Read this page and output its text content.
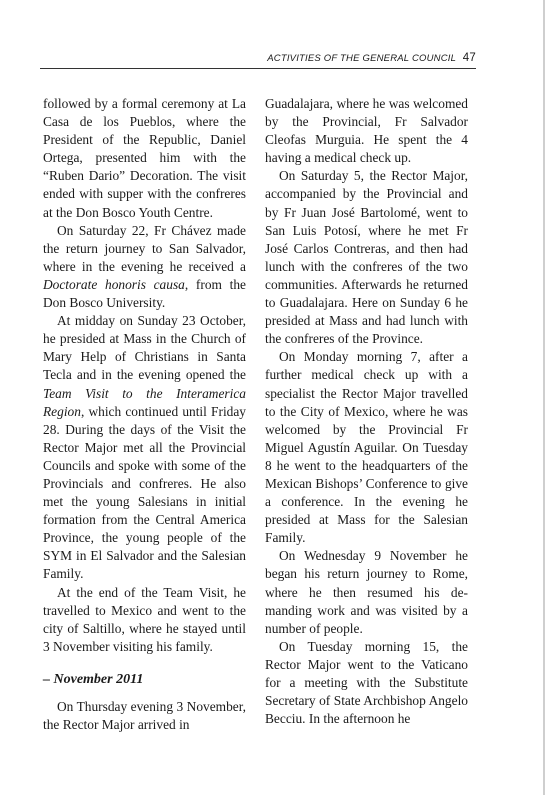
ACTIVITIES OF THE GENERAL COUNCIL 47

followed by a formal ceremony at La Casa de los Pueblos, where the President of the Republic, Daniel Ortega, presented him with the “Ruben Dario” Decoration. The visit ended with supper with the confreres at the Don Bosco Youth Centre.

On Saturday 22, Fr Chávez made the return journey to San Salvador, where in the evening he received a Doctorate honoris causa, from the Don Bosco University.

At midday on Sunday 23 October, he presided at Mass in the Church of Mary Help of Christians in Santa Tecla and in the evening opened the Team Visit to the Interamerica Region, which continued until Friday 28. During the days of the Visit the Rector Major met all the Provincial Councils and spoke with some of the Provincials and confreres. He also met the young Salesians in initial formation from the Central America Province, the young people of the SYM in El Salvador and the Salesian Family.

At the end of the Team Visit, he travelled to Mexico and went to the city of Saltillo, where he stayed until 3 November visiting his family.

– November 2011

On Thursday evening 3 November, the Rector Major arrived in

Guadalajara, where he was welcomed by the Provincial, Fr Salvador Cleofas Murguia. He spent the 4 having a medical check up.

On Saturday 5, the Rector Major, accompanied by the Provincial and by Fr Juan José Bartolomé, went to San Luis Potosí, where he met Fr José Carlos Contreras, and then had lunch with the confreres of the two communities. Afterwards he returned to Guadalajara. Here on Sunday 6 he presided at Mass and had lunch with the confreres of the Province.

On Monday morning 7, after a further medical check up with a specialist the Rector Major travelled to the City of Mexico, where he was welcomed by the Provincial Fr Miguel Agustín Aguilar. On Tuesday 8 he went to the headquarters of the Mexican Bishops’ Conference to give a conference. In the evening he presided at Mass for the Salesian Family.

On Wednesday 9 November he began his return journey to Rome, where he then resumed his demanding work and was visited by a number of people.

On Tuesday morning 15, the Rector Major went to the Vaticano for a meeting with the Substitute Secretary of State Archbishop Angelo Becciu. In the afternoon he
